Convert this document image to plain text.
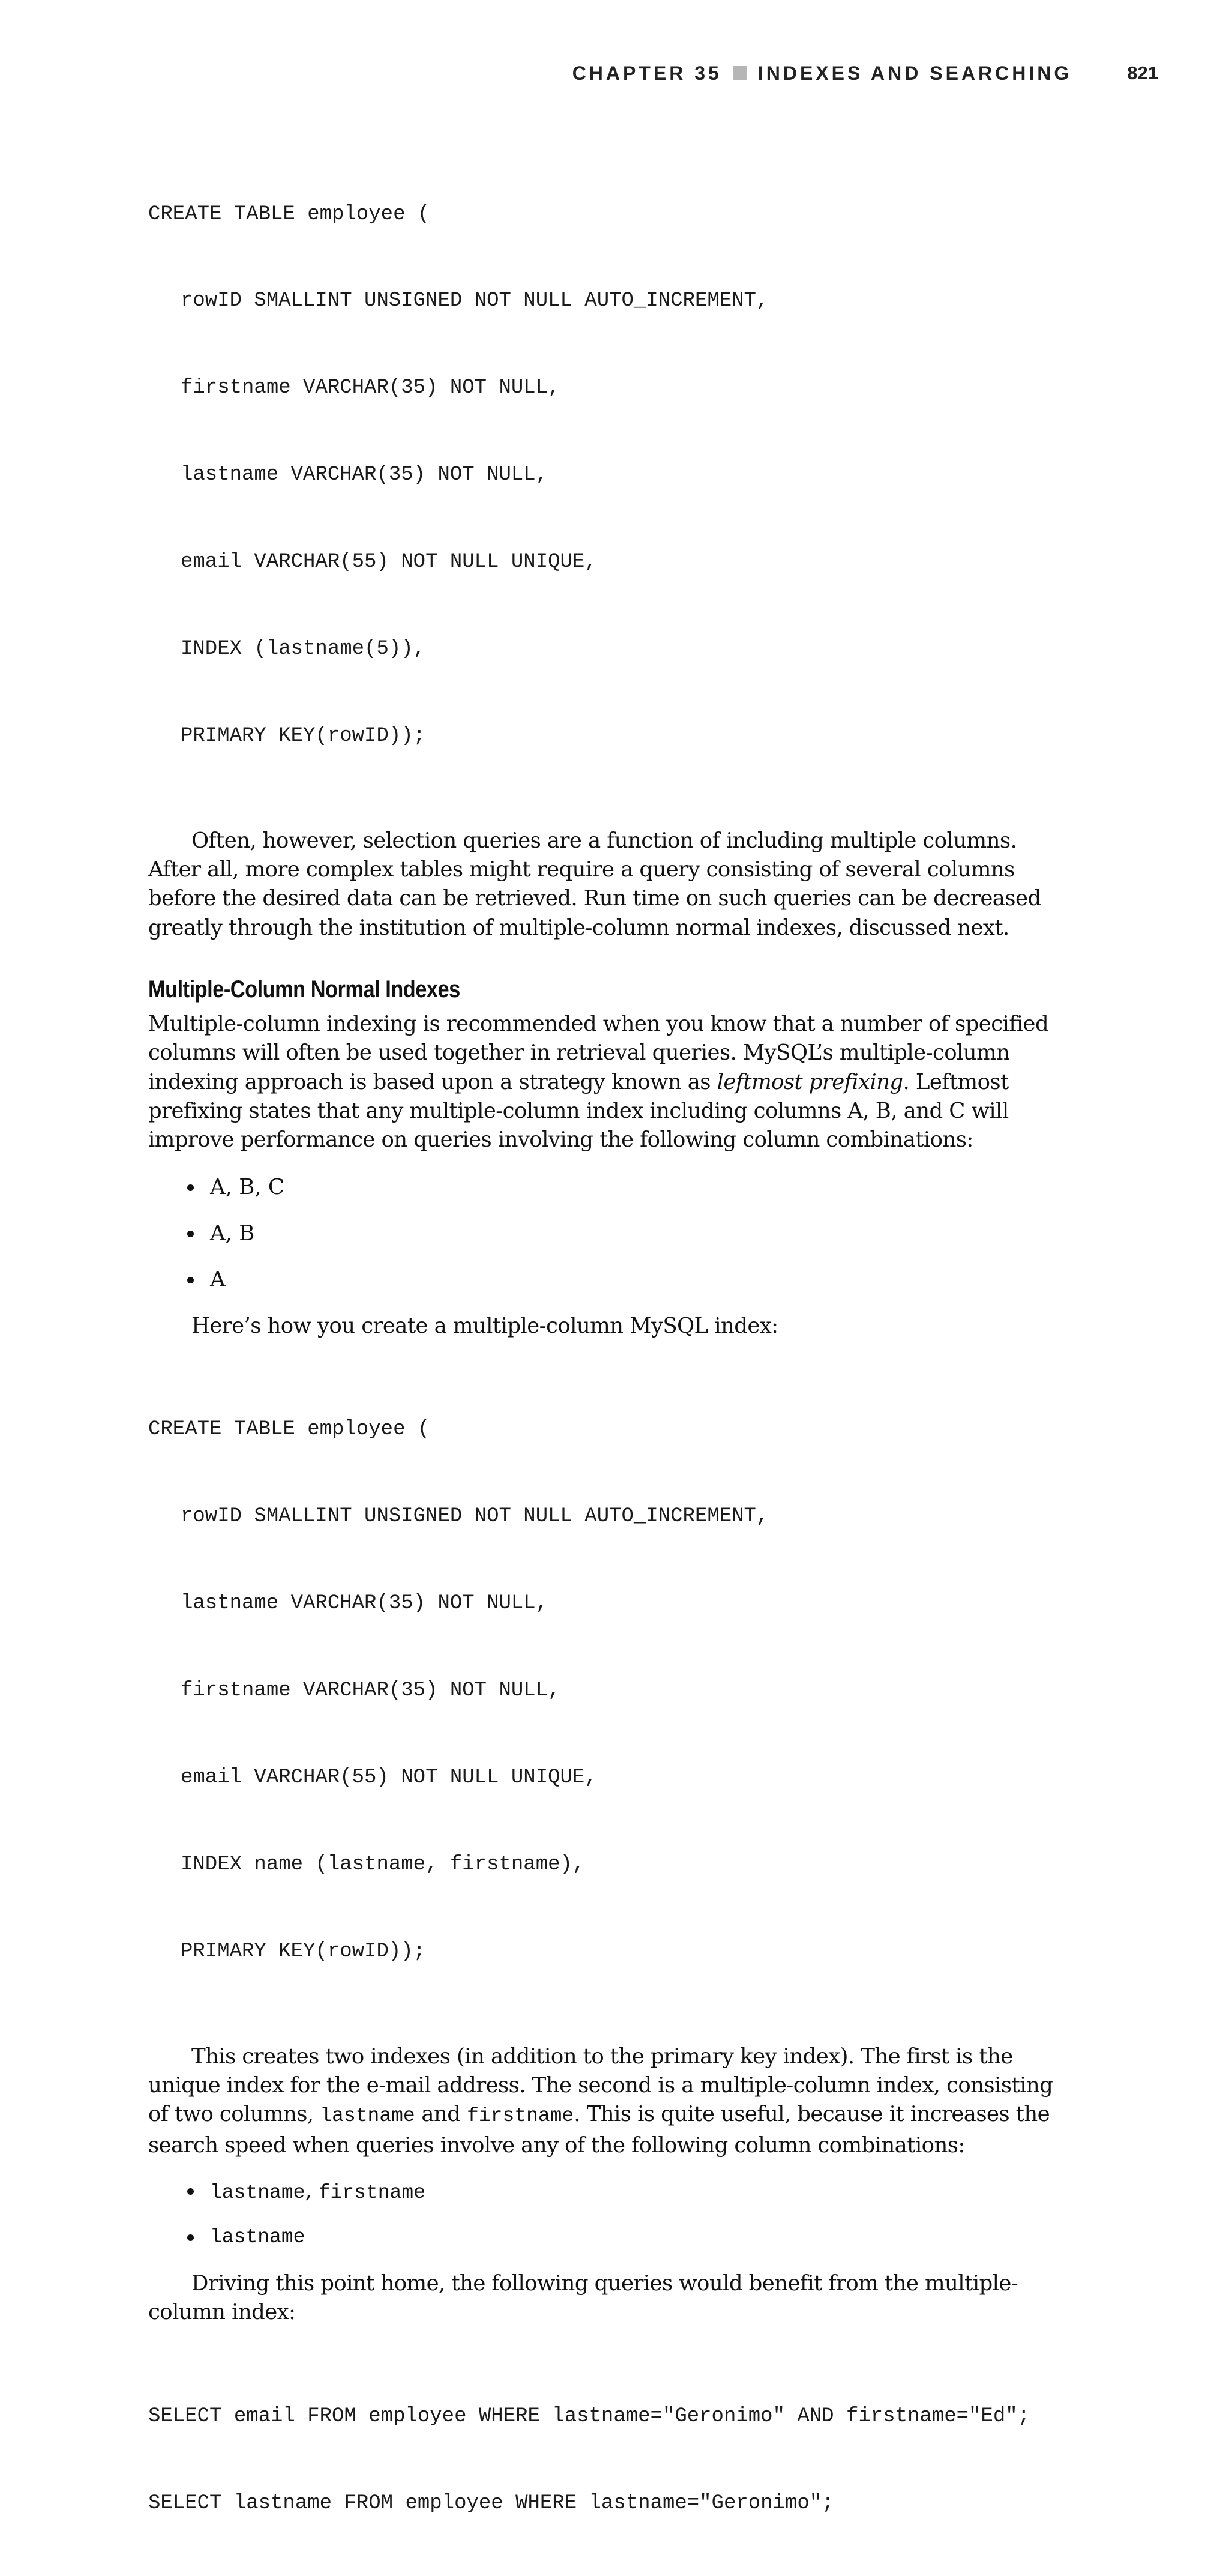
CHAPTER 35 INDEXES AND SEARCHING	821

CREATE TABLE employee (

rowID SMALLINT UNSIGNED NOT NULL AUTO_INCREMENT,

firstname VARCHAR(35) NOT NULL,

lastname VARCHAR(35) NOT NULL,

email VARCHAR(55) NOT NULL UNIQUE,

INDEX (lastname(5)),

PRIMARY KEY(rowID));

Often, however, selection queries are a function of including multiple columns. After all, more complex tables might require a query consisting of several columns before the desired data can be retrieved. Run time on such queries can be decreased greatly through the institution of multiple-column normal indexes, discussed next.

Multiple-Column Normal Indexes

Multiple-column indexing is recommended when you know that a number of specified columns will often be used together in retrieval queries. MySQL’s multiple-column indexing approach is based upon a strategy known as leftmost prefixing. Leftmost prefixing states that any multiple-column index including columns A, B, and C will improve performance on queries involving the following column combinations:

A, B, C
A, B
A

Here’s how you create a multiple-column MySQL index:

CREATE TABLE employee (

rowID SMALLINT UNSIGNED NOT NULL AUTO_INCREMENT,

lastname VARCHAR(35) NOT NULL,

firstname VARCHAR(35) NOT NULL,

email VARCHAR(55) NOT NULL UNIQUE,

INDEX name (lastname, firstname),

PRIMARY KEY(rowID));

This creates two indexes (in addition to the primary key index). The first is the unique index for the e-mail address. The second is a multiple-column index, consisting of two columns, lastname and firstname. This is quite useful, because it increases the search speed when queries involve any of the following column combinations:

lastname, firstname
lastname

Driving this point home, the following queries would benefit from the multiple-column index:

SELECT email FROM employee WHERE lastname="Geronimo" AND firstname="Ed";

SELECT lastname FROM employee WHERE lastname="Geronimo";
